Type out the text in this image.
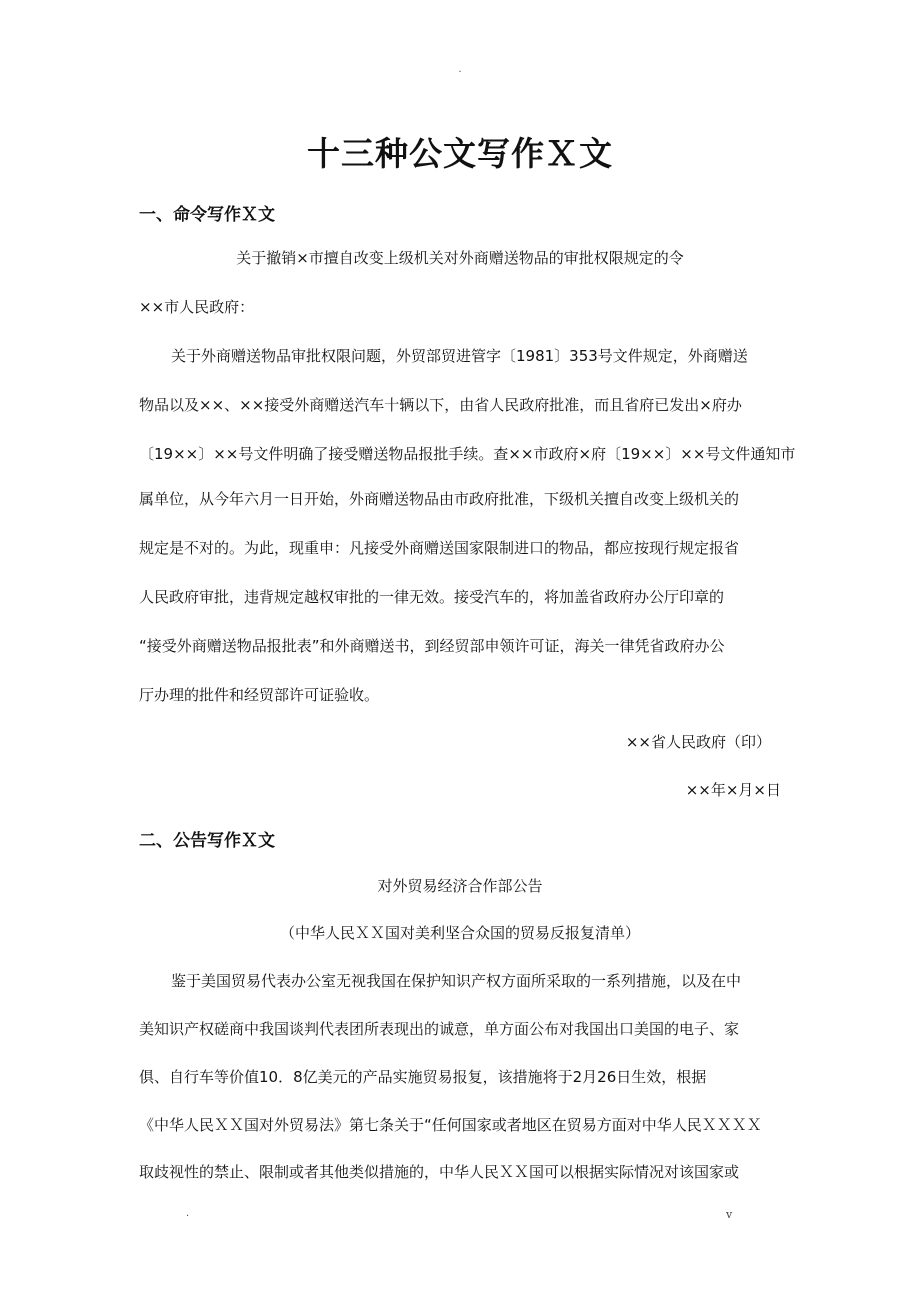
.
十三种公文写作Ｘ文
一、命令写作Ｘ文
关于撤销×市擅自改变上级机关对外商赠送物品的审批权限规定的令
××市人民政府：
关于外商赠送物品审批权限问题，外贸部贸进管字〔1981〕353号文件规定，外商赠送
物品以及××、××接受外商赠送汽车十辆以下，由省人民政府批准，而且省府已发出×府办
〔19××〕××号文件明确了接受赠送物品报批手续。查××市政府×府〔19××〕××号文件通知市
属单位，从今年六月一日开始，外商赠送物品由市政府批准，下级机关擅自改变上级机关的
规定是不对的。为此，现重申：凡接受外商赠送国家限制进口的物品，都应按现行规定报省
人民政府审批，违背规定越权审批的一律无效。接受汽车的，将加盖省政府办公厅印章的
“接受外商赠送物品报批表”和外商赠送书，到经贸部申领许可证，海关一律凭省政府办公
厅办理的批件和经贸部许可证验收。
××省人民政府（印）
××年×月×日
二、公告写作Ｘ文
对外贸易经济合作部公告
（中华人民ＸＸ国对美利坚合众国的贸易反报复清单）
鉴于美国贸易代表办公室无视我国在保护知识产权方面所采取的一系列措施，以及在中
美知识产权磋商中我国谈判代表团所表现出的诚意，单方面公布对我国出口美国的电子、家
俱、自行车等价值10．8亿美元的产品实施贸易报复，该措施将于2月26日生效，根据
《中华人民ＸＸ国对外贸易法》第七条关于“任何国家或者地区在贸易方面对中华人民ＸＸＸＸ
取歧视性的禁止、限制或者其他类似措施的，中华人民ＸＸ国可以根据实际情况对该国家或
.	v
